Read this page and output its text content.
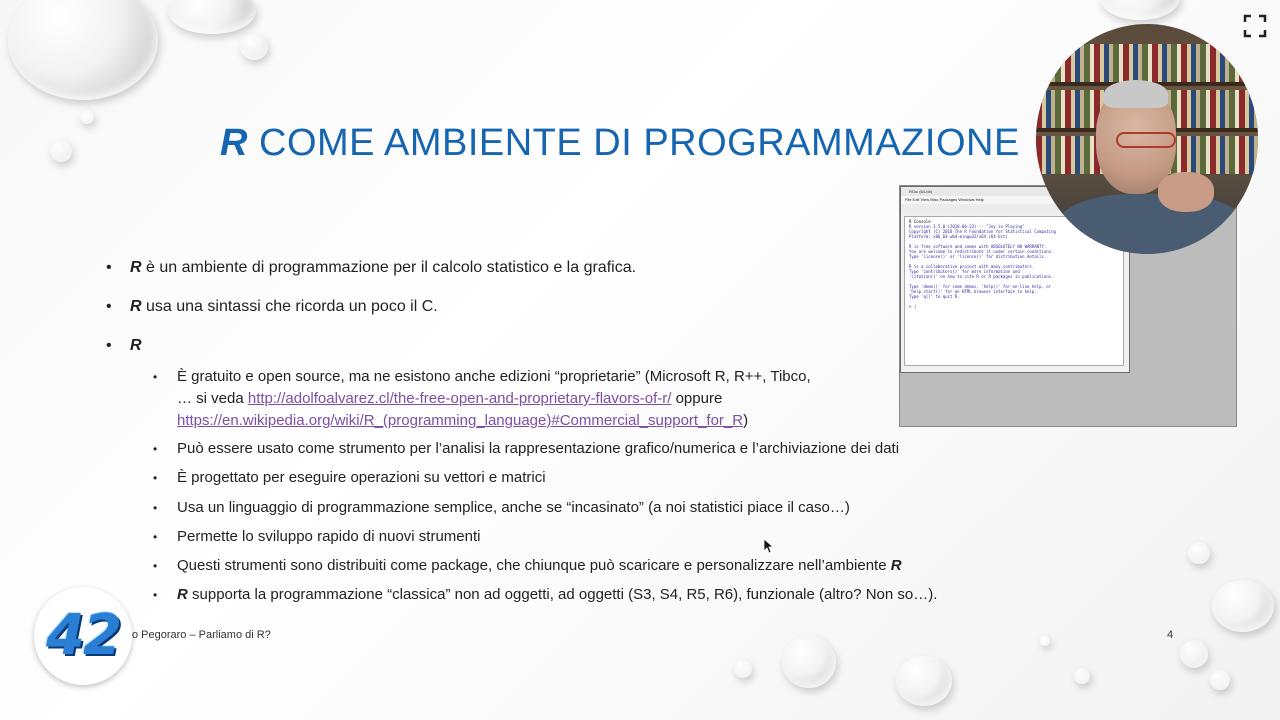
R COME AMBIENTE DI PROGRAMMAZIONE
• R è un ambiente di programmazione per il calcolo statistico e la grafica.
• R usa una sintassi che ricorda un poco il C.
• R
• È gratuito e open source, ma ne esistono anche edizioni “proprietarie” (Microsoft R, R++, Tibco,
… si veda http://adolfoalvarez.cl/the-free-open-and-proprietary-flavors-of-r/ oppure
https://en.wikipedia.org/wiki/R_(programming_language)#Commercial_support_for_R)
• Può essere usato come strumento per l’analisi la rappresentazione grafico/numerica e l’archiviazione dei dati
• È progettato per eseguire operazioni su vettori e matrici
• Usa un linguaggio di programmazione semplice, anche se “incasinato” (a noi statistici piace il caso…)
• Permette lo sviluppo rapido di nuovi strumenti
• Questi strumenti sono distribuiti come package, che chiunque può scaricare e personalizzare nell’ambiente R
• R supporta la programmazione “classica” non ad oggetti, ad oggetti (S3, S4, R5, R6), funzionale (altro? Non so…).
RGui (64-bit)
File Edit View Misc Packages Windows Help
R Console
R version 3.5.0 (2018-04-23) -- "Joy in Playing"
Copyright (C) 2018 The R Foundation for Statistical Computing
Platform: x86_64-w64-mingw32/x64 (64-bit)

R is free software and comes with ABSOLUTELY NO WARRANTY.
You are welcome to redistribute it under certain conditions.
Type 'license()' or 'licence()' for distribution details.

R is a collaborative project with many contributors.
Type 'contributors()' for more information and
'citation()' on how to cite R or R packages in publications.

Type 'demo()' for some demos, 'help()' for on-line help, or
'help.start()' for an HTML browser interface to help.
Type 'q()' to quit R.

> |
42	o Pegoraro – Parliamo di R?	4
